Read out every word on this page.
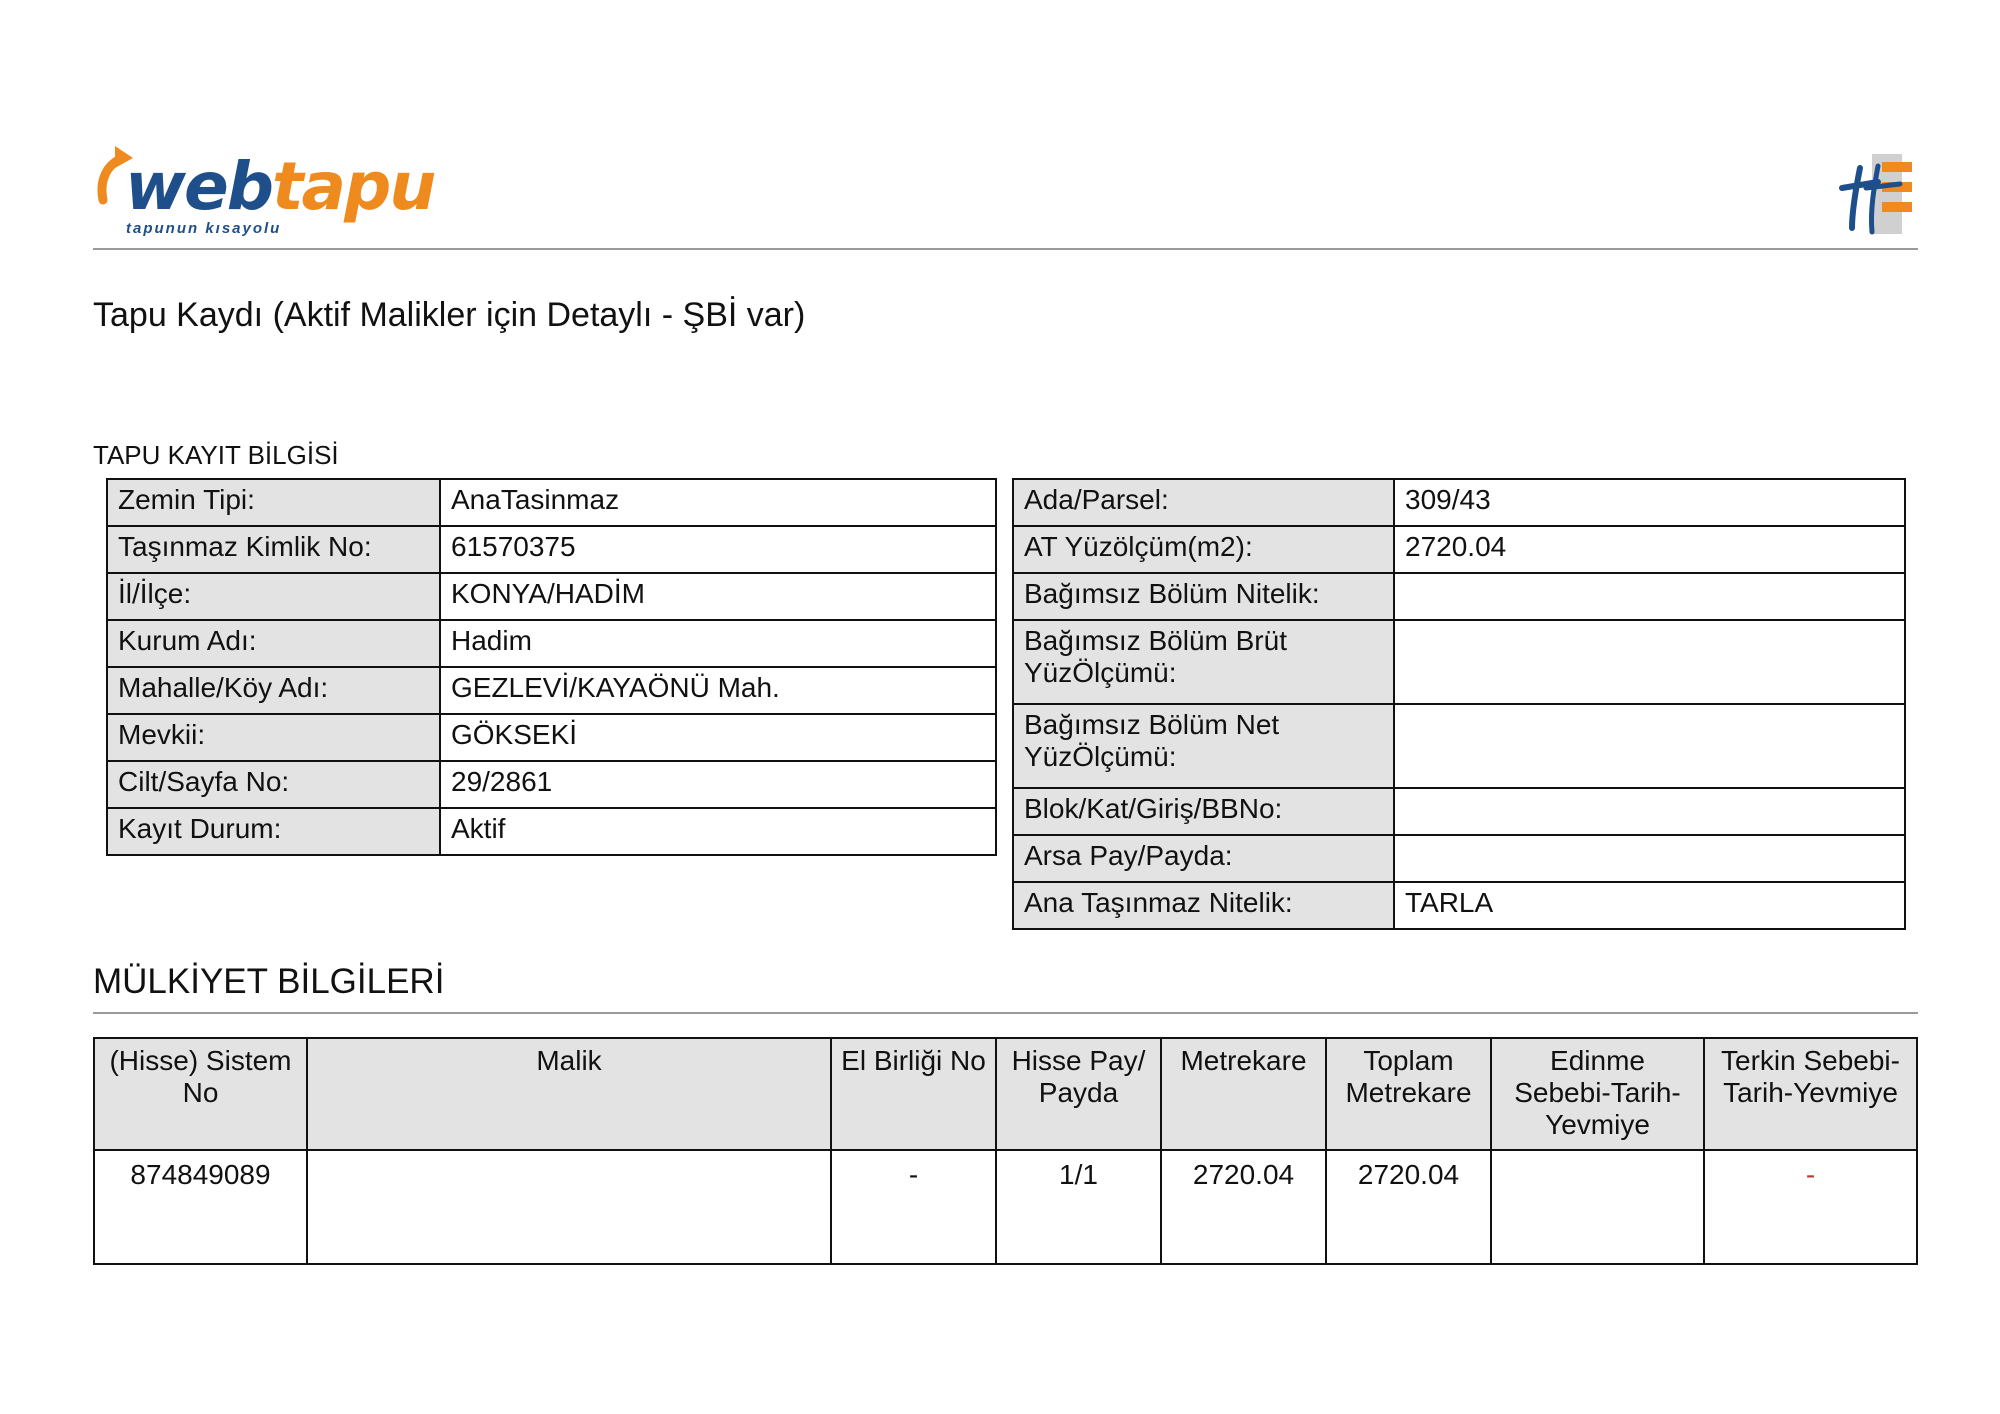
webtapu
tapunun kısayolu
Tapu Kaydı (Aktif Malikler için Detaylı - ŞBİ var)
TAPU KAYIT BİLGİSİ
Zemin Tipi:	AnaTasinmaz
Taşınmaz Kimlik No:	61570375
İl/İlçe:	KONYA/HADİM
Kurum Adı:	Hadim
Mahalle/Köy Adı:	GEZLEVİ/KAYAÖNÜ Mah.
Mevkii:	GÖKSEKİ
Cilt/Sayfa No:	29/2861
Kayıt Durum:	Aktif
Ada/Parsel:	309/43
AT Yüzölçüm(m2):	2720.04
Bağımsız Bölüm Nitelik:	
Bağımsız Bölüm Brüt YüzÖlçümü:	
Bağımsız Bölüm Net YüzÖlçümü:	
Blok/Kat/Giriş/BBNo:	
Arsa Pay/Payda:	
Ana Taşınmaz Nitelik:	TARLA
MÜLKİYET BİLGİLERİ
(Hisse) Sistem No	Malik	El Birliği No	Hisse Pay/ Payda	Metrekare	Toplam Metrekare	Edinme Sebebi-Tarih-Yevmiye	Terkin Sebebi-Tarih-Yevmiye
874849089		-	1/1	2720.04	2720.04		-
